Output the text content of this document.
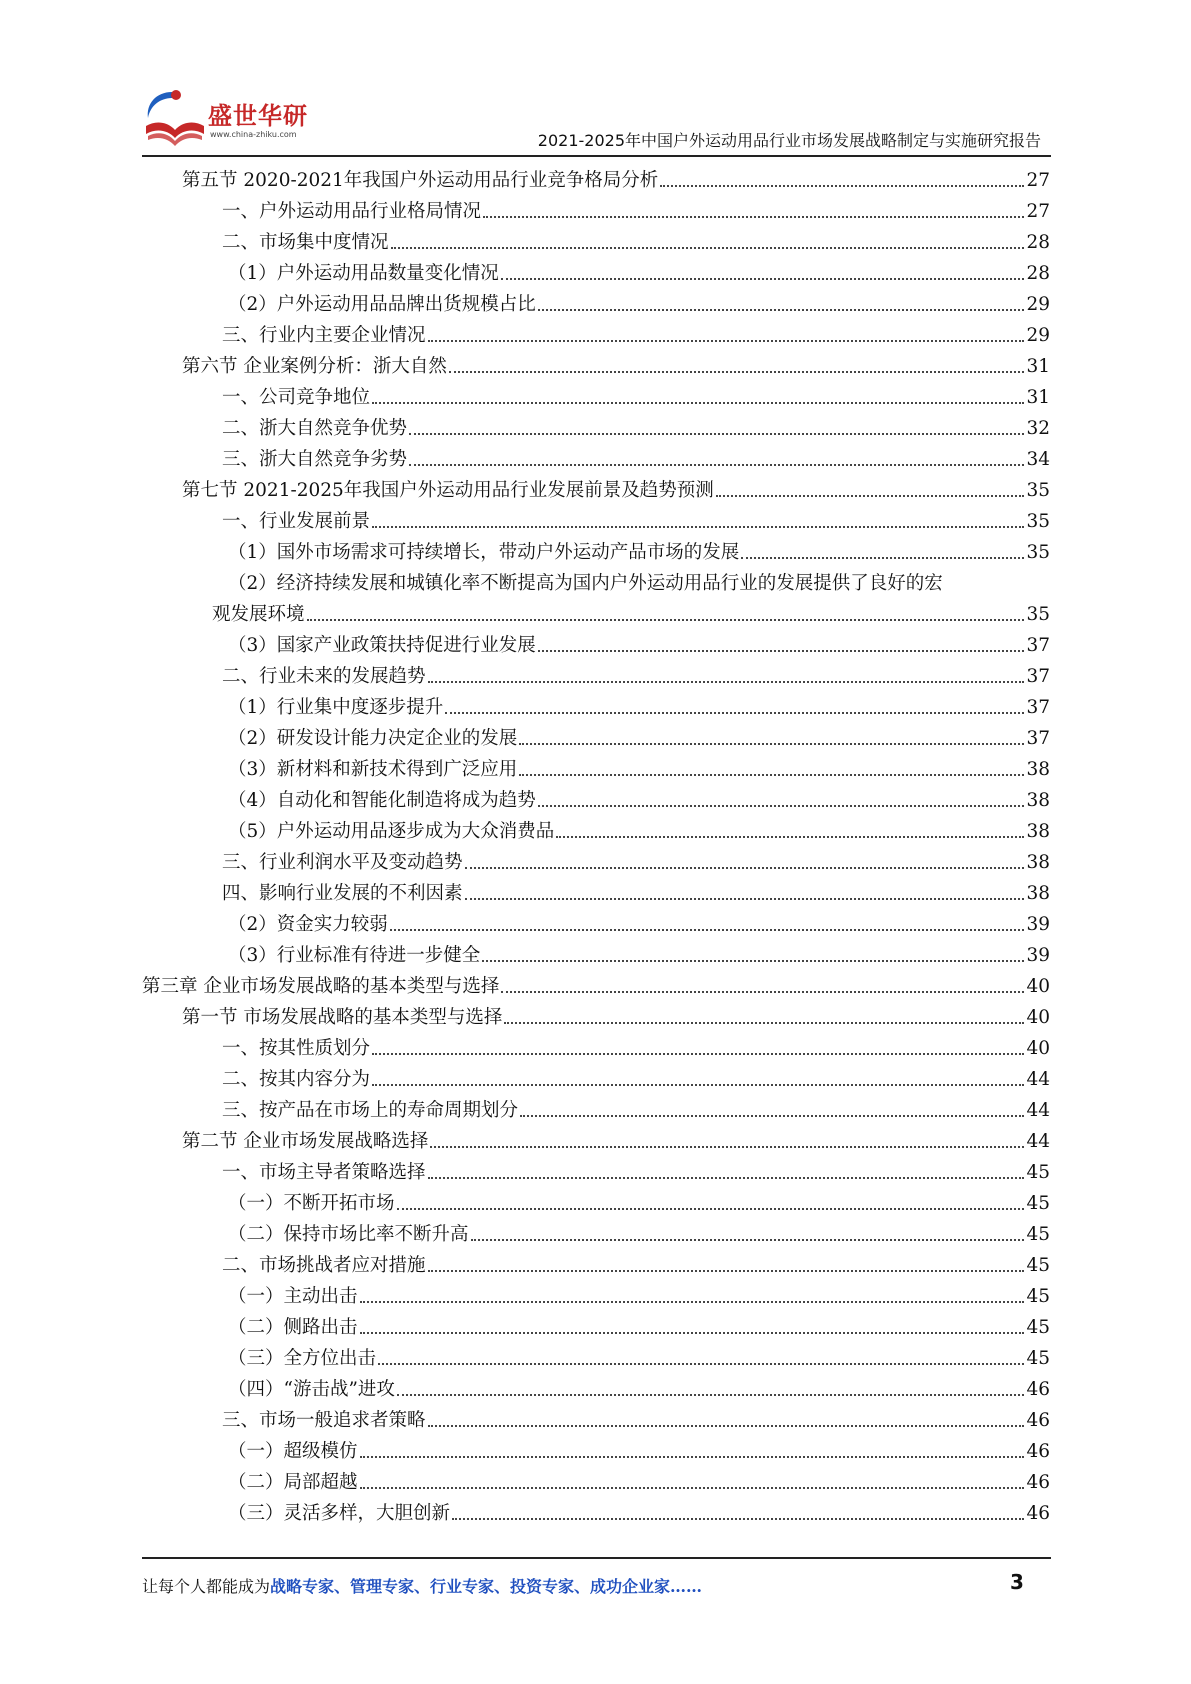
盛世华研
www.china-zhiku.com	2021-2025年中国户外运动用品行业市场发展战略制定与实施研究报告
第五节 2020-2021年我国户外运动用品行业竞争格局分析	27
一、户外运动用品行业格局情况	27
二、市场集中度情况	28
（1）户外运动用品数量变化情况	28
（2）户外运动用品品牌出货规模占比	29
三、行业内主要企业情况	29
第六节 企业案例分析：浙大自然	31
一、公司竞争地位	31
二、浙大自然竞争优势	32
三、浙大自然竞争劣势	34
第七节 2021-2025年我国户外运动用品行业发展前景及趋势预测	35
一、行业发展前景	35
（1）国外市场需求可持续增长，带动户外运动产品市场的发展	35
（2）经济持续发展和城镇化率不断提高为国内户外运动用品行业的发展提供了良好的宏
观发展环境	35
（3）国家产业政策扶持促进行业发展	37
二、行业未来的发展趋势	37
（1）行业集中度逐步提升	37
（2）研发设计能力决定企业的发展	37
（3）新材料和新技术得到广泛应用	38
（4）自动化和智能化制造将成为趋势	38
（5）户外运动用品逐步成为大众消费品	38
三、行业利润水平及变动趋势	38
四、影响行业发展的不利因素	38
（2）资金实力较弱	39
（3）行业标准有待进一步健全	39
第三章 企业市场发展战略的基本类型与选择	40
第一节 市场发展战略的基本类型与选择	40
一、按其性质划分	40
二、按其内容分为	44
三、按产品在市场上的寿命周期划分	44
第二节 企业市场发展战略选择	44
一、市场主导者策略选择	45
（一）不断开拓市场	45
（二）保持市场比率不断升高	45
二、市场挑战者应对措施	45
（一）主动出击	45
（二）侧路出击	45
（三）全方位出击	45
（四）“游击战”进攻	46
三、市场一般追求者策略	46
（一）超级模仿	46
（二）局部超越	46
（三）灵活多样，大胆创新	46
让每个人都能成为战略专家、管理专家、行业专家、投资专家、成功企业家……	3
